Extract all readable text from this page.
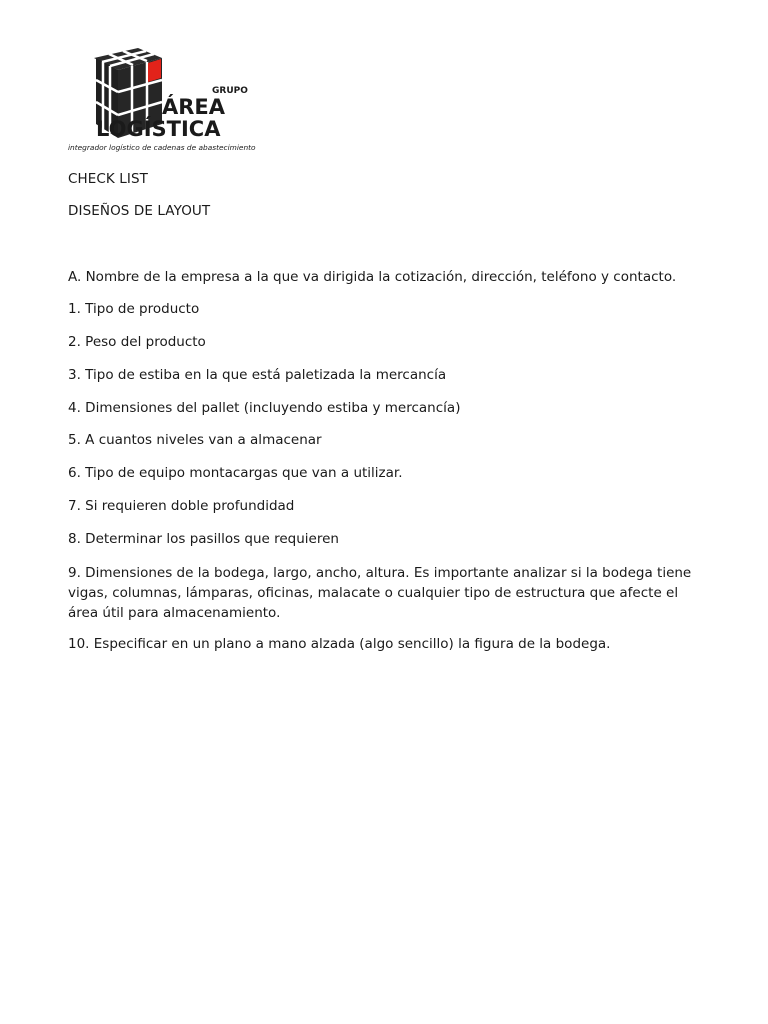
GRUPO
ÁREA
LOGÍSTICA
integrador logístico de cadenas de abastecimiento
CHECK LIST
DISEÑOS DE LAYOUT
A. Nombre de la empresa a la que va dirigida la cotización, dirección, teléfono y contacto.
1. Tipo de producto
2. Peso del producto
3. Tipo de estiba en la que está paletizada la mercancía
4. Dimensiones del pallet (incluyendo estiba y mercancía)
5. A cuantos niveles van a almacenar
6. Tipo de equipo montacargas que van a utilizar.
7. Si requieren doble profundidad
8. Determinar los pasillos que requieren
9. Dimensiones de la bodega, largo, ancho, altura. Es importante analizar si la bodega tiene vigas, columnas, lámparas, oficinas, malacate o cualquier tipo de estructura que afecte el área útil para almacenamiento.
10. Especificar en un plano a mano alzada (algo sencillo) la figura de la bodega.
